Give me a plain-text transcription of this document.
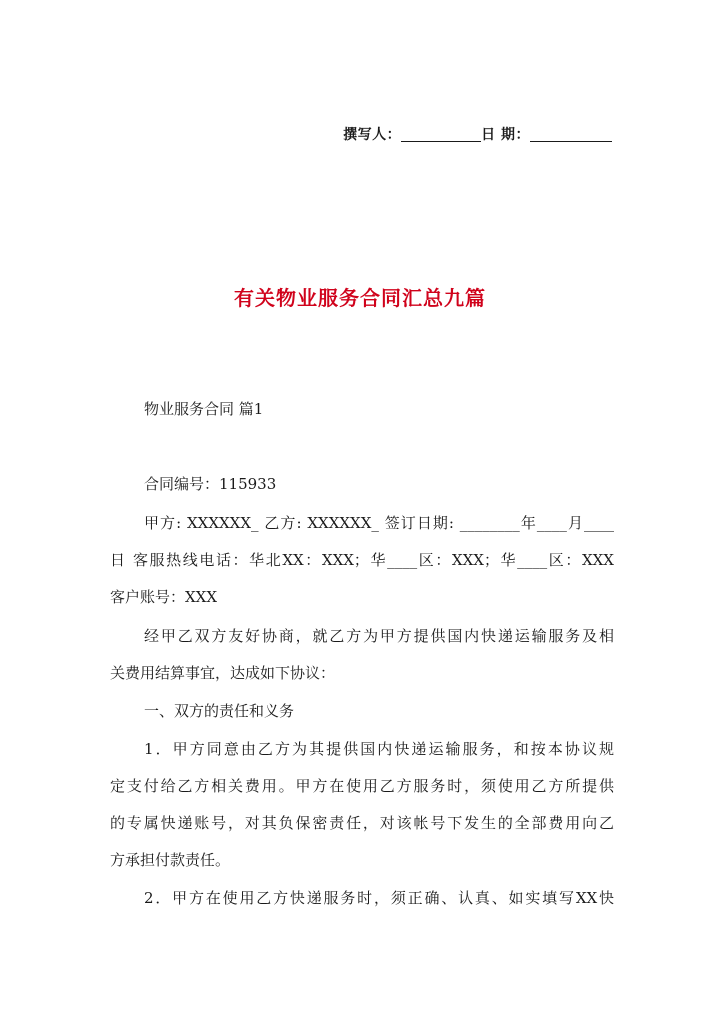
撰写人：	日 期：
有关物业服务合同汇总九篇
物业服务合同 篇1
合同编号：115933
甲方: XXXXXX_ 乙方: XXXXXX_ 签订日期: ________年____月____
日 客服热线电话：华北XX：XXX；华____区：XXX；华____区：XXX
客户账号：XXX
经甲乙双方友好协商，就乙方为甲方提供国内快递运输服务及相
关费用结算事宜，达成如下协议：
一、双方的责任和义务
1．甲方同意由乙方为其提供国内快递运输服务，和按本协议规
定支付给乙方相关费用。甲方在使用乙方服务时，须使用乙方所提供
的专属快递账号，对其负保密责任，对该帐号下发生的全部费用向乙
方承担付款责任。
2．甲方在使用乙方快递服务时，须正确、认真、如实填写XX快
